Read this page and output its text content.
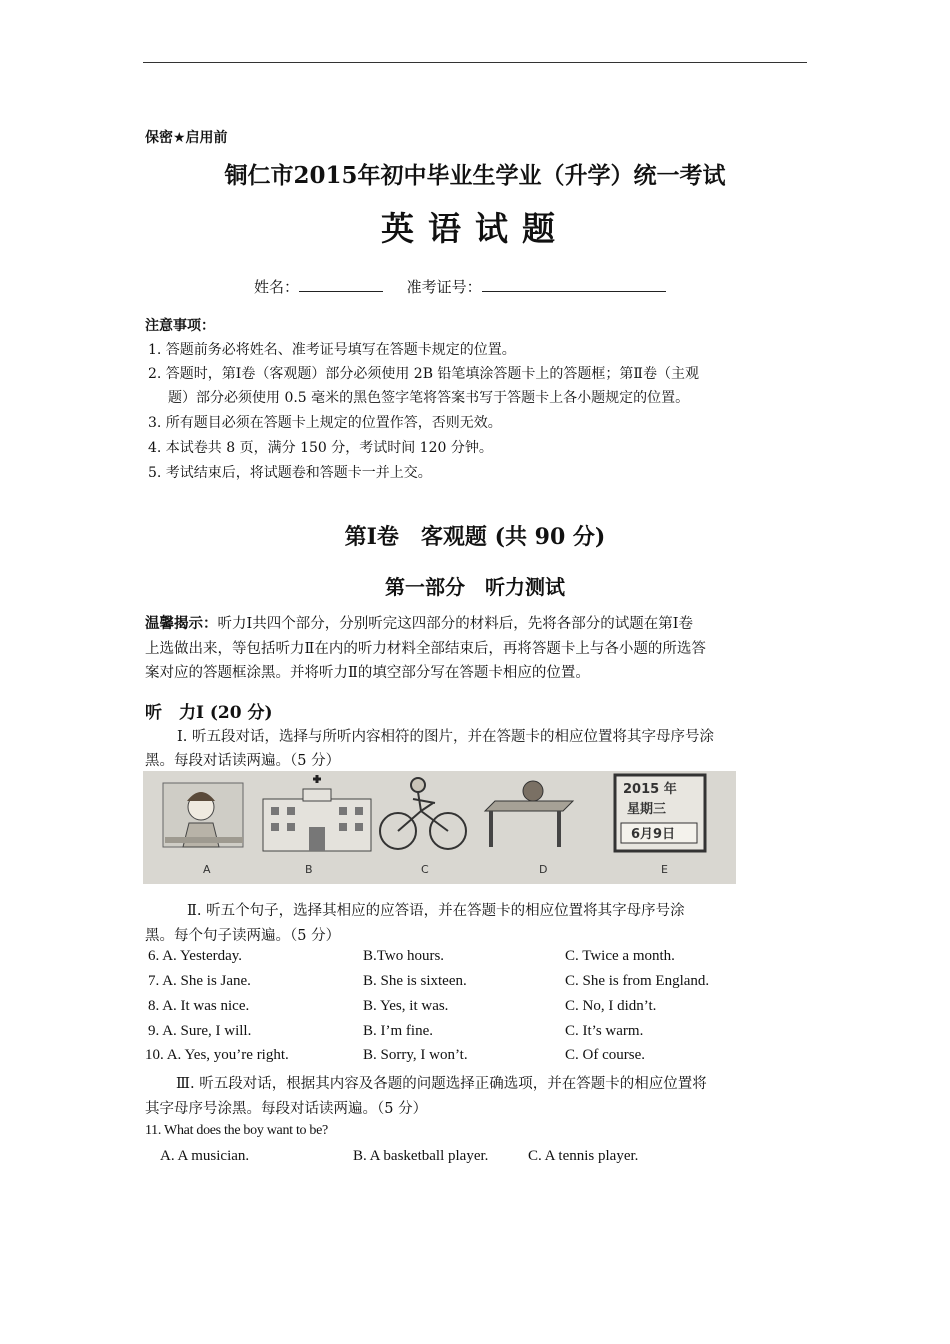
保密★启用前
铜仁市2015年初中毕业生学业（升学）统一考试
英语试题
姓名：	准考证号：
注意事项：
1. 答题前务必将姓名、准考证号填写在答题卡规定的位置。
2. 答题时，第Ⅰ卷（客观题）部分必须使用 2B 铅笔填涂答题卡上的答题框；第Ⅱ卷（主观
题）部分必须使用 0.5 毫米的黑色签字笔将答案书写于答题卡上各小题规定的位置。
3. 所有题目必须在答题卡上规定的位置作答，否则无效。
4. 本试卷共 8 页，满分 150 分，考试时间 120 分钟。
5. 考试结束后，将试题卷和答题卡一并上交。
第Ⅰ卷　客观题 (共 90 分)
第一部分　听力测试
温馨揭示：听力Ⅰ共四个部分，分别听完这四部分的材料后，先将各部分的试题在第Ⅰ卷
上选做出来，等包括听力Ⅱ在内的听力材料全部结束后，再将答题卡上与各小题的所选答
案对应的答题框涂黑。并将听力Ⅱ的填空部分写在答题卡相应的位置。
听　力Ⅰ (20 分)
Ⅰ. 听五段对话，选择与所听内容相符的图片，并在答题卡的相应位置将其字母序号涂
黑。每段对话读两遍。（5 分）
2015 年
星期三
6月9日
A	B	C	D	E
Ⅱ. 听五个句子，选择其相应的应答语，并在答题卡的相应位置将其字母序号涂
黑。每个句子读两遍。（5 分）
6. A. Yesterday.	B.Two hours.	C. Twice a month.
7. A. She is Jane.	B. She is sixteen.	C. She is from England.
8. A. It was nice.	B. Yes, it was.	C. No, I didn’t.
9. A. Sure, I will.	B. I’m fine.	C. It’s warm.
10. A. Yes, you’re right.	B. Sorry, I won’t.	C. Of course.
Ⅲ. 听五段对话，根据其内容及各题的问题选择正确选项，并在答题卡的相应位置将
其字母序号涂黑。每段对话读两遍。（5 分）
11. What does the boy want to be?
A. A musician.	B. A basketball player.	C. A tennis player.
